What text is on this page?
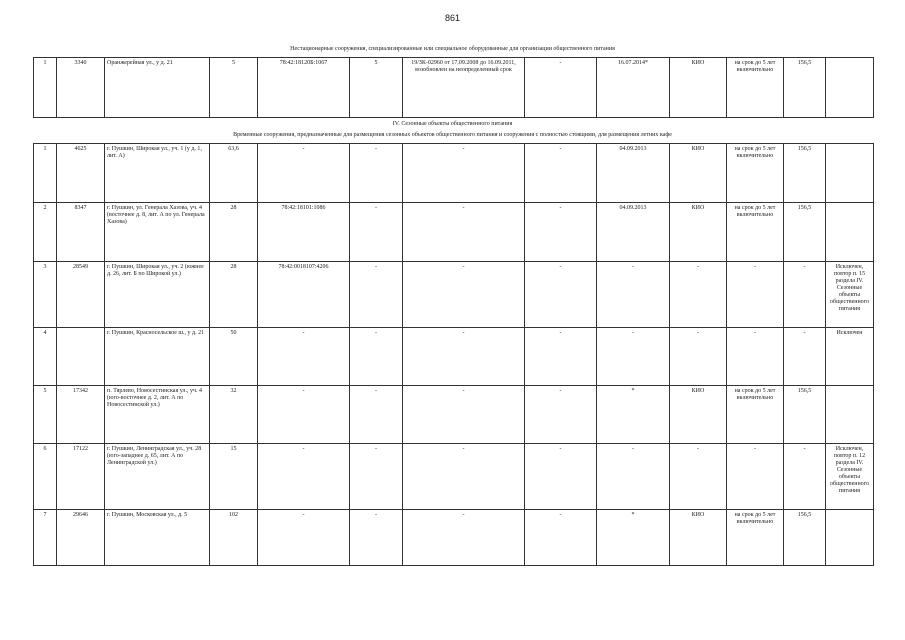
861
Нестационарные сооружения, специализированные или специальное оборудованные для организации общественного питания
1	3340	Оранжерейная ул., у д. 21	5	78:42:18120Б:1067	5	19/ЗК-02960 от 17.09.2008 до 16.09.2011, возобновлен на неопределенный срок	-	16.07.2014*	КИО	на срок до 5 лет включительно	156,5	
IV. Сезонные объекты общественного питания
Временные сооружения, предназначенные для размещения сезонных объектов общественного питания и сооружения с полностью стоящими, для размещения летних кафе
1	4625	г. Пушкин, Широкая ул., уч. 1 (у д. 1, лит. А)	63,6	-	-	-	-	04.09.2013	КИО	на срок до 5 лет включительно	156,5	
2	8347	г. Пушкин, ул. Генерала Хазова, уч. 4 (восточнее д. 8, лит. А по ул. Генерала Хазова)	28	78:42:18101:1086	-	-	-	04.09.2013	КИО	на срок до 5 лет включительно	156,5	
3	28549	г. Пушкин, Широкая ул., уч. 2 (южнее д. 26, лит. Б по Широкой ул.)	28	78:42:0018107:4206	-	-	-	-	-	-	-	Исключен, повтор п. 15 раздела IV. Сезонные объекты общественного питания
4		г. Пушкин, Красносельское ш., у д. 21	50	-	-	-	-	-	-	-	-	Исключен
5	17342	п. Тярлево, Новосестинская ул., уч. 4 (юго-восточнее д. 2, лит. А по Новосестинской ул.)	32	-	-	-	-	*	КИО	на срок до 5 лет включительно	156,5	
6	17122	г. Пушкин, Ленинградская ул., уч. 28 (юго-западнее д. 65, лит. А по Ленинградской ул.)	15	-	-	-	-	-	-	-	-	Исключен, повтор п. 12 раздела IV. Сезонные объекты общественного питания
7	29646	г. Пушкин, Московская ул., д. 5	102	-	-	-	-	*	КИО	на срок до 5 лет включительно	156,5	
